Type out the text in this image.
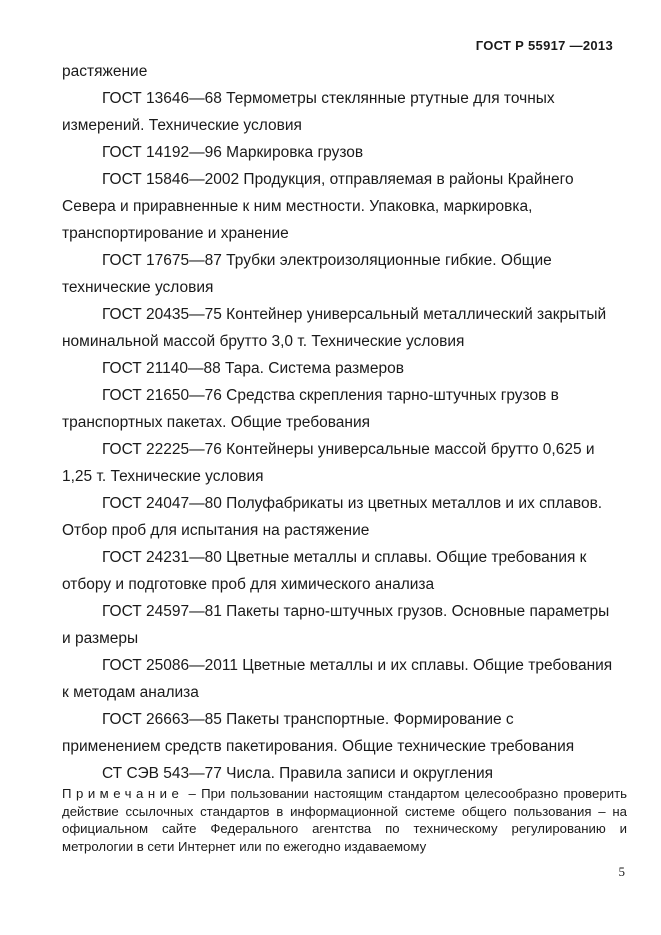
ГОСТ Р 55917 —2013

растяжение

ГОСТ 13646—68 Термометры стеклянные ртутные для точных измерений. Технические условия

ГОСТ 14192—96 Маркировка грузов

ГОСТ 15846—2002 Продукция, отправляемая в районы Крайнего Севера и приравненные к ним местности. Упаковка, маркировка, транспортирование и хранение

ГОСТ 17675—87 Трубки электроизоляционные гибкие. Общие технические условия

ГОСТ 20435—75 Контейнер универсальный металлический закрытый номинальной массой брутто 3,0 т. Технические условия

ГОСТ 21140—88 Тара. Система размеров

ГОСТ 21650—76 Средства скрепления тарно-штучных грузов в транспортных пакетах. Общие требования

ГОСТ 22225—76 Контейнеры универсальные массой брутто 0,625 и 1,25 т. Технические условия

ГОСТ 24047—80 Полуфабрикаты из цветных металлов и их сплавов. Отбор проб для испытания на растяжение

ГОСТ 24231—80 Цветные металлы и сплавы. Общие требования к отбору и подготовке проб для химического анализа

ГОСТ 24597—81 Пакеты тарно-штучных грузов. Основные параметры и размеры

ГОСТ 25086—2011 Цветные металлы и их сплавы. Общие требования к методам анализа

ГОСТ 26663—85 Пакеты транспортные. Формирование с применением средств пакетирования. Общие технические требования

СТ СЭВ 543—77 Числа. Правила записи и округления

Примечание – При пользовании настоящим стандартом целесообразно проверить действие ссылочных стандартов в информационной системе общего пользования – на официальном сайте Федерального агентства по техническому регулированию и метрологии в сети Интернет или по ежегодно издаваемому
5
